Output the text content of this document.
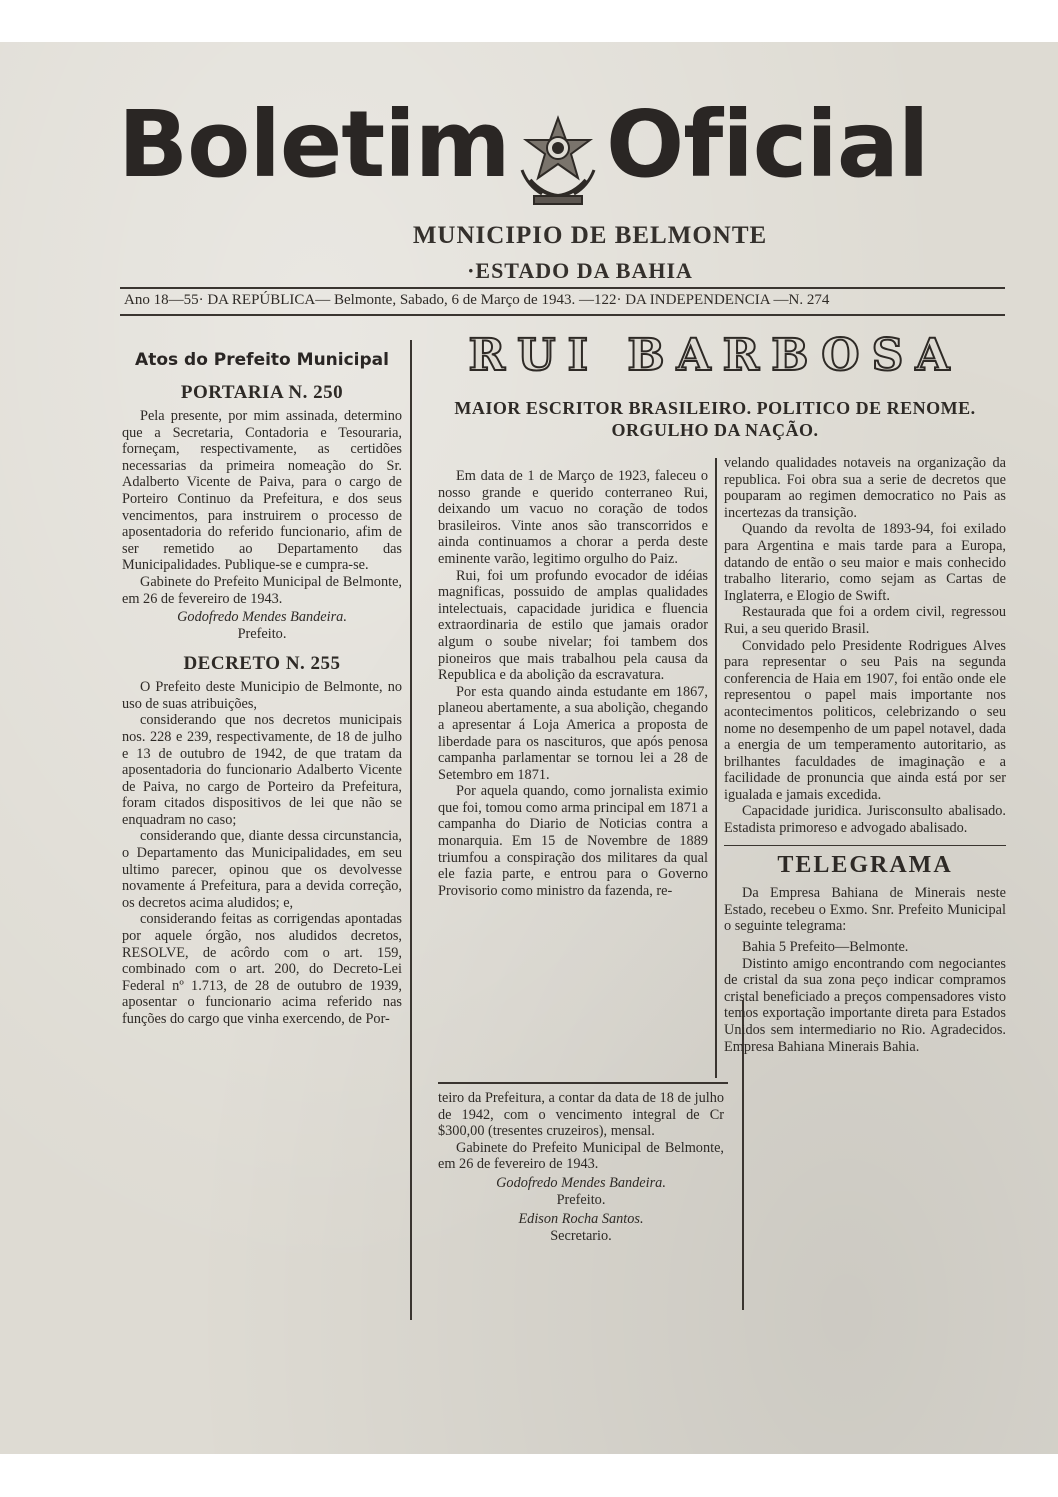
Boletim Oficial
MUNICIPIO DE BELMONTE
·ESTADO DA BAHIA
Ano 18—55· DA REPÚBLICA— Belmonte, Sabado, 6 de Março de 1943. —122· DA INDEPENDENCIA —N. 274
Atos do Prefeito Municipal
PORTARIA N. 250

Pela presente, por mim assinada, determino que a Secretaria, Contadoria e Tesouraria, forneçam, respectivamente, as certidões necessarias da primeira nomeação do Sr. Adalberto Vicente de Paiva, para o cargo de Porteiro Continuo da Prefeitura, e dos seus vencimentos, para instruirem o processo de aposentadoria do referido funcionario, afim de ser remetido ao Departamento das Municipalidades. Publique-se e cumpra-se.

Gabinete do Prefeito Municipal de Belmonte, em 26 de fevereiro de 1943.

Godofredo Mendes Bandeira.

Prefeito.

DECRETO N. 255

O Prefeito deste Municipio de Belmonte, no uso de suas atribuições,

considerando que nos decretos municipais nos. 228 e 239, respectivamente, de 18 de julho e 13 de outubro de 1942, de que tratam da aposentadoria do funcionario Adalberto Vicente de Paiva, no cargo de Porteiro da Prefeitura, foram citados dispositivos de lei que não se enquadram no caso;

considerando que, diante dessa circunstancia, o Departamento das Municipalidades, em seu ultimo parecer, opinou que os devolvesse novamente á Prefeitura, para a devida correção, os decretos acima aludidos; e,

considerando feitas as corrigendas apontadas por aquele órgão, nos aludidos decretos, RESOLVE, de acôrdo com o art. 159, combinado com o art. 200, do Decreto-Lei Federal nº 1.713, de 28 de outubro de 1939, aposentar o funcionario acima referido nas funções do cargo que vinha exercendo, de Por-

RUI BARBOSA
MAIOR ESCRITOR BRASILEIRO. POLITICO DE RENOME. ORGULHO DA NAÇÃO.

Em data de 1 de Março de 1923, faleceu o nosso grande e querido conterraneo Rui, deixando um vacuo no coração de todos brasileiros. Vinte anos são transcorridos e ainda continuamos a chorar a perda deste eminente varão, legitimo orgulho do Paiz.

Rui, foi um profundo evocador de idéias magnificas, possuido de amplas qualidades intelectuais, capacidade juridica e fluencia extraordinaria de estilo que jamais orador algum o soube nivelar; foi tambem dos pioneiros que mais trabalhou pela causa da Republica e da abolição da escravatura.

Por esta quando ainda estudante em 1867, planeou abertamente, a sua abolição, chegando a apresentar á Loja America a proposta de liberdade para os nascituros, que após penosa campanha parlamentar se tornou lei a 28 de Setembro em 1871.

Por aquela quando, como jornalista eximio que foi, tomou como arma principal em 1871 a campanha do Diario de Noticias contra a monarquia. Em 15 de Novembre de 1889 triumfou a conspiração dos militares da qual ele fazia parte, e entrou para o Governo Provisorio como ministro da fazenda, re-

teiro da Prefeitura, a contar da data de 18 de julho de 1942, com o vencimento integral de Cr $300,00 (tresentes cruzeiros), mensal.

Gabinete do Prefeito Municipal de Belmonte, em 26 de fevereiro de 1943.

Godofredo Mendes Bandeira.

Prefeito.

Edison Rocha Santos.

Secretario.

velando qualidades notaveis na organização da republica. Foi obra sua a serie de decretos que pouparam ao regimen democratico no Pais as incertezas da transição.

Quando da revolta de 1893-94, foi exilado para Argentina e mais tarde para a Europa, datando de então o seu maior e mais conhecido trabalho literario, como sejam as Cartas de Inglaterra, e Elogio de Swift.

Restaurada que foi a ordem civil, regressou Rui, a seu querido Brasil.

Convidado pelo Presidente Rodrigues Alves para representar o seu Pais na segunda conferencia de Haia em 1907, foi então onde ele representou o papel mais importante nos acontecimentos politicos, celebrizando o seu nome no desempenho de um papel notavel, dada a energia de um temperamento autoritario, as brilhantes faculdades de imaginação e a facilidade de pronuncia que ainda está por ser igualada e jamais excedida.

Capacidade juridica. Jurisconsulto abalisado. Estadista primoreso e advogado abalisado.

TELEGRAMA

Da Empresa Bahiana de Minerais neste Estado, recebeu o Exmo. Snr. Prefeito Municipal o seguinte telegrama:

Bahia 5 Prefeito—Belmonte.

Distinto amigo encontrando com negociantes de cristal da sua zona peço indicar compramos cristal beneficiado a preços compensadores visto temos exportação importante direta para Estados Unidos sem intermediario no Rio. Agradecidos. Empresa Bahiana Minerais Bahia.
